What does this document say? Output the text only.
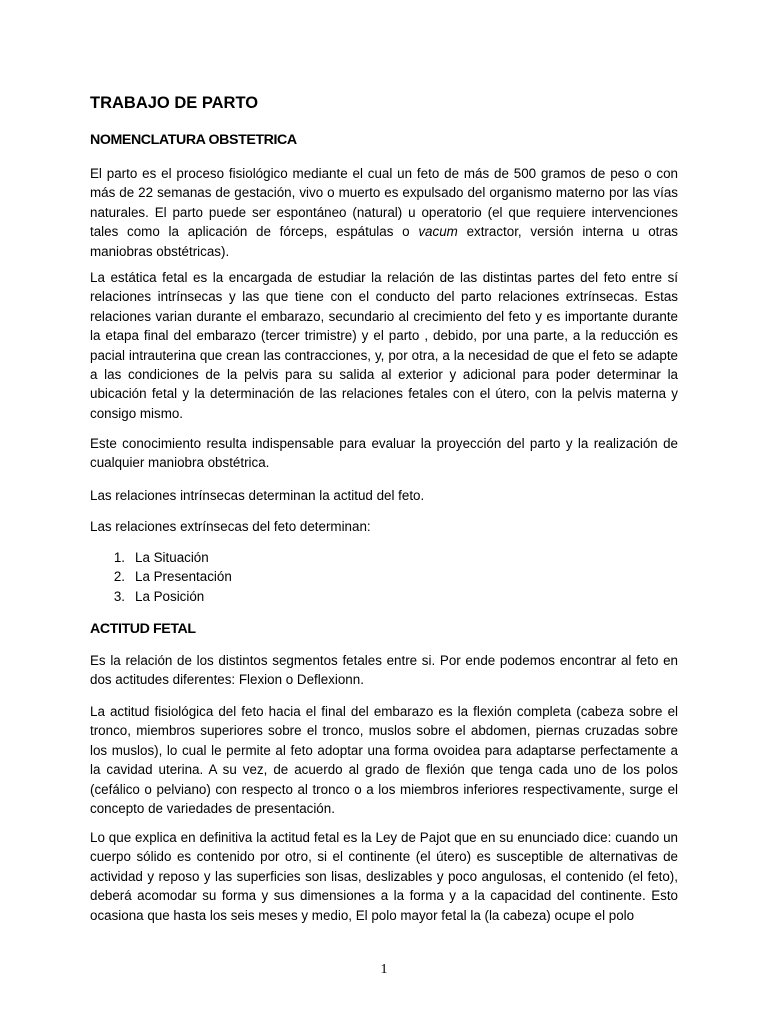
TRABAJO DE PARTO
NOMENCLATURA OBSTETRICA

El parto es el proceso fisiológico mediante el cual un feto de más de 500 gramos de peso o con más de 22 semanas de gestación, vivo o muerto es expulsado del organismo materno por las vías naturales. El parto puede ser espontáneo (natural) u operatorio (el que requiere intervenciones tales como la aplicación de fórceps, espátulas o vacum extractor, versión interna u otras maniobras obstétricas).

La estática fetal es la encargada de estudiar la relación de las distintas partes del feto entre sí relaciones intrínsecas y las que tiene con el conducto del parto relaciones extrínsecas. Estas relaciones varian durante el embarazo, secundario al crecimiento del feto y es importante durante la etapa final del embarazo (tercer trimistre) y el parto , debido, por una parte, a la reducción es pacial intrauterina que crean las contracciones, y, por otra, a la necesidad de que el feto se adapte a las condiciones de la pelvis para su salida al exterior y adicional para poder determinar la ubicación fetal y la determinación de las relaciones fetales con el útero, con la pelvis materna y consigo mismo.

Este conocimiento resulta indispensable para evaluar la proyección del parto y la realización de cualquier maniobra obstétrica.

Las relaciones intrínsecas determinan la actitud del feto.

Las relaciones extrínsecas del feto determinan:

1. La Situación
2. La Presentación
3. La Posición
ACTITUD FETAL

Es la relación de los distintos segmentos fetales entre si. Por ende podemos encontrar al feto en dos actitudes diferentes: Flexion o Deflexionn.

La actitud fisiológica del feto hacia el final del embarazo es la flexión completa (cabeza sobre el tronco, miembros superiores sobre el tronco, muslos sobre el abdomen, piernas cruzadas sobre los muslos), lo cual le permite al feto adoptar una forma ovoidea para adaptarse perfectamente a la cavidad uterina. A su vez, de acuerdo al grado de flexión que tenga cada uno de los polos (cefálico o pelviano) con respecto al tronco o a los miembros inferiores respectivamente, surge el concepto de variedades de presentación.

Lo que explica en definitiva la actitud fetal es la Ley de Pajot que en su enunciado dice: cuando un cuerpo sólido es contenido por otro, si el continente (el útero) es susceptible de alternativas de actividad y reposo y las superficies son lisas, deslizables y poco angulosas, el contenido (el feto), deberá acomodar su forma y sus dimensiones a la forma y a la capacidad del continente. Esto ocasiona que hasta los seis meses y medio, El polo mayor fetal la (la cabeza) ocupe el polo

1
